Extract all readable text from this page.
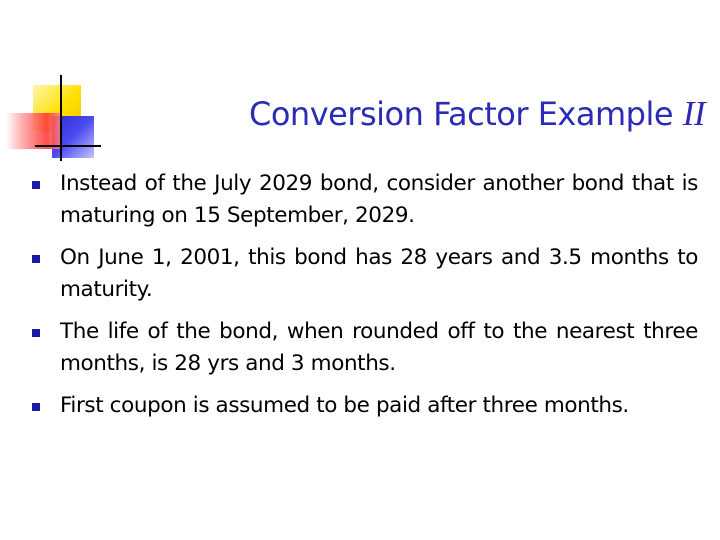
Conversion Factor Example II
Instead of the July 2029 bond, consider another bond that is maturing on 15 September, 2029.
On June 1, 2001, this bond has 28 years and 3.5 months to maturity.
The life of the bond, when rounded off to the nearest three months, is 28 yrs and 3 months.
First coupon is assumed to be paid after three months.
